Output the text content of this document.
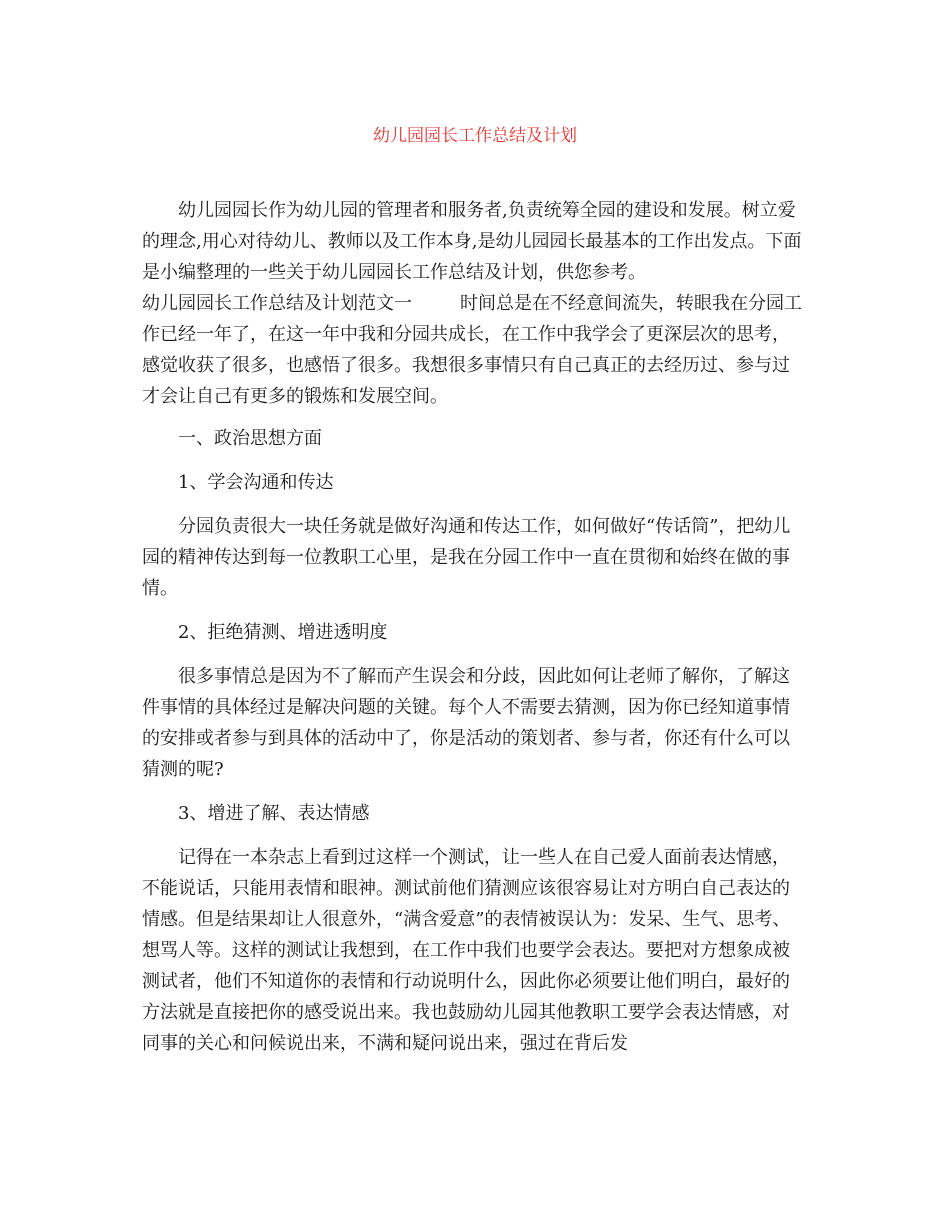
幼儿园园长工作总结及计划

幼儿园园长作为幼儿园的管理者和服务者,负责统筹全园的建设和发展。树立爱的理念,用心对待幼儿、教师以及工作本身,是幼儿园园长最基本的工作出发点。下面是小编整理的一些关于幼儿园园长工作总结及计划，供您参考。

幼儿园园长工作总结及计划范文一	时间总是在不经意间流失，转眼我在分园工作已经一年了，在这一年中我和分园共成长，在工作中我学会了更深层次的思考，感觉收获了很多，也感悟了很多。我想很多事情只有自己真正的去经历过、参与过才会让自己有更多的锻炼和发展空间。

一、政治思想方面

1、学会沟通和传达

分园负责很大一块任务就是做好沟通和传达工作，如何做好“传话筒”，把幼儿园的精神传达到每一位教职工心里，是我在分园工作中一直在贯彻和始终在做的事情。

2、拒绝猜测、增进透明度

很多事情总是因为不了解而产生误会和分歧，因此如何让老师了解你，了解这件事情的具体经过是解决问题的关键。每个人不需要去猜测，因为你已经知道事情的安排或者参与到具体的活动中了，你是活动的策划者、参与者，你还有什么可以猜测的呢?

3、增进了解、表达情感

记得在一本杂志上看到过这样一个测试，让一些人在自己爱人面前表达情感，不能说话，只能用表情和眼神。测试前他们猜测应该很容易让对方明白自己表达的情感。但是结果却让人很意外，“满含爱意”的表情被误认为：发呆、生气、思考、想骂人等。这样的测试让我想到，在工作中我们也要学会表达。要把对方想象成被测试者，他们不知道你的表情和行动说明什么，因此你必须要让他们明白，最好的方法就是直接把你的感受说出来。我也鼓励幼儿园其他教职工要学会表达情感，对同事的关心和问候说出来，不满和疑问说出来，强过在背后发
